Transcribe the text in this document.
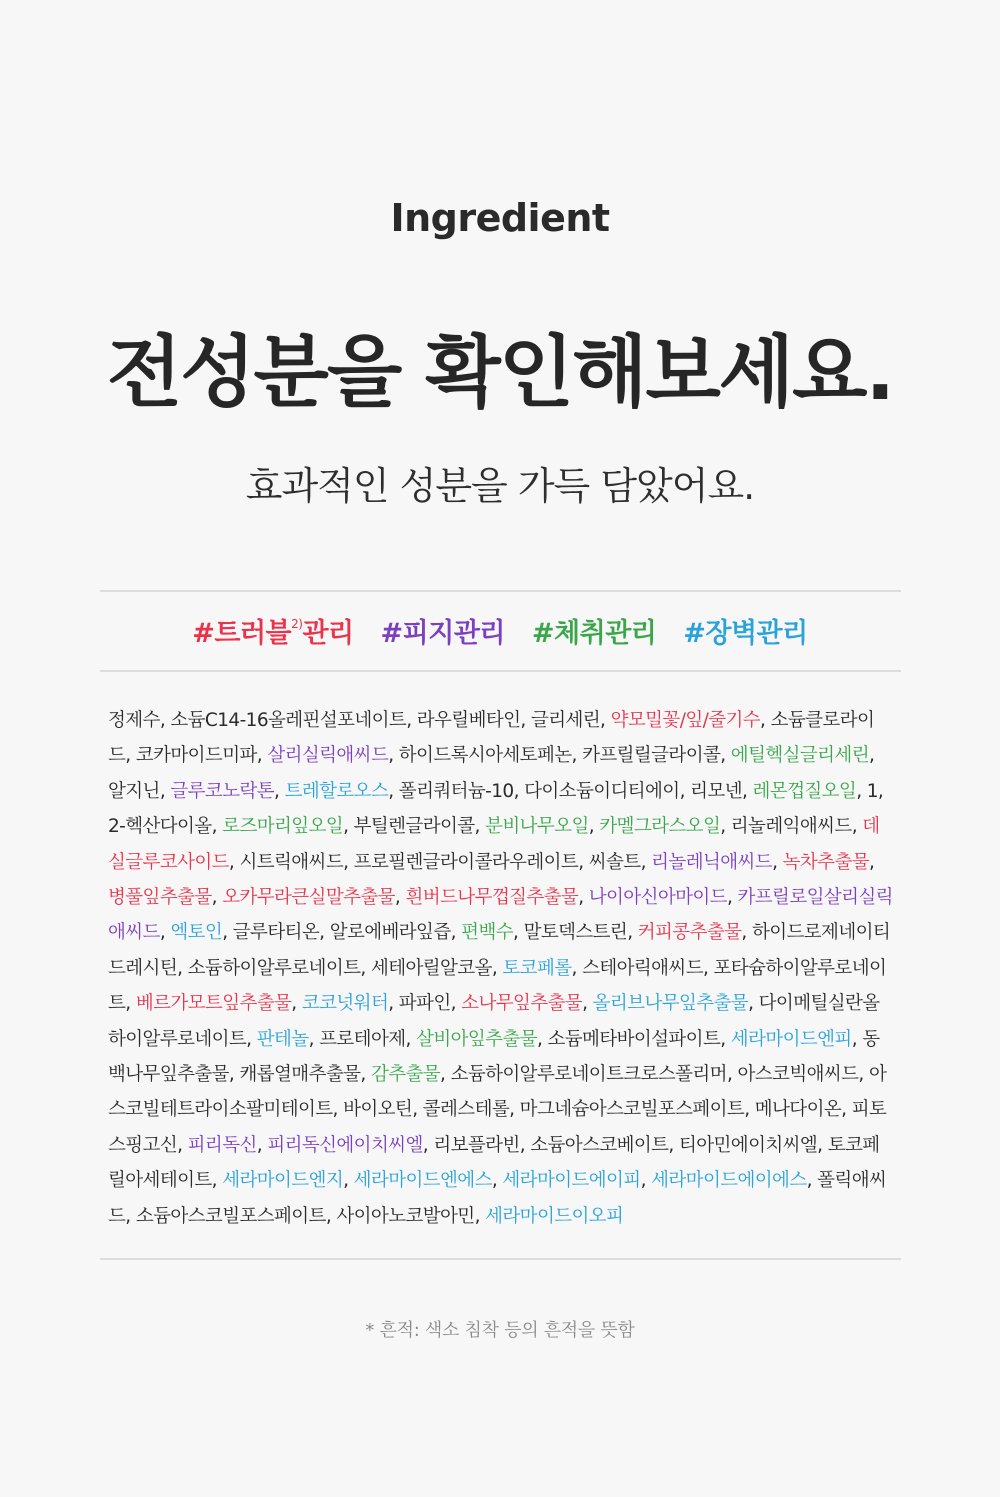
Ingredient
전성분을 확인해보세요.
효과적인 성분을 가득 담았어요.
#트러블$^{2)}$관리 #피지관리 #체취관리 #장벽관리
정제수, 소듐C14-16올레핀설포네이트, 라우릴베타인, 글리세린, 약모밀꽃/잎/줄기수, 소듐클로라이드, 코카마이드미파, 살리실릭애씨드, 하이드록시아세토페논, 카프릴릴글라이콜, 에틸헥실글리세린, 알지닌, 글루코노락톤, 트레할로오스, 폴리쿼터늄-10, 다이소듐이디티에이, 리모넨, 레몬껍질오일, 1,2-헥산다이올, 로즈마리잎오일, 부틸렌글라이콜, 분비나무오일, 카멜그라스오일, 리놀레익애씨드, 데실글루코사이드, 시트릭애씨드, 프로필렌글라이콜라우레이트, 씨솔트, 리놀레닉애씨드, 녹차추출물, 병풀잎추출물, 오카무라큰실말추출물, 흰버드나무껍질추출물, 나이아신아마이드, 카프릴로일살리실릭애씨드, 엑토인, 글루타티온, 알로에베라잎즙, 편백수, 말토덱스트린, 커피콩추출물, 하이드로제네이티드레시틴, 소듐하이알루로네이트, 세테아릴알코올, 토코페롤, 스테아릭애씨드, 포타슘하이알루로네이트, 베르가모트잎추출물, 코코넛워터, 파파인, 소나무잎추출물, 올리브나무잎추출물, 다이메틸실란올하이알루로네이트, 판테놀, 프로테아제, 살비아잎추출물, 소듐메타바이설파이트, 세라마이드엔피, 동백나무잎추출물, 캐롭열매추출물, 감추출물, 소듐하이알루로네이트크로스폴리머, 아스코빅애씨드, 아스코빌테트라이소팔미테이트, 바이오틴, 콜레스테롤, 마그네슘아스코빌포스페이트, 메나다이온, 피토스핑고신, 피리독신, 피리독신에이치씨엘, 리보플라빈, 소듐아스코베이트, 티아민에이치씨엘, 토코페릴아세테이트, 세라마이드엔지, 세라마이드엔에스, 세라마이드에이피, 세라마이드에이에스, 폴릭애씨드, 소듐아스코빌포스페이트, 사이아노코발아민, 세라마이드이오피
* 흔적: 색소 침착 등의 흔적을 뜻함
